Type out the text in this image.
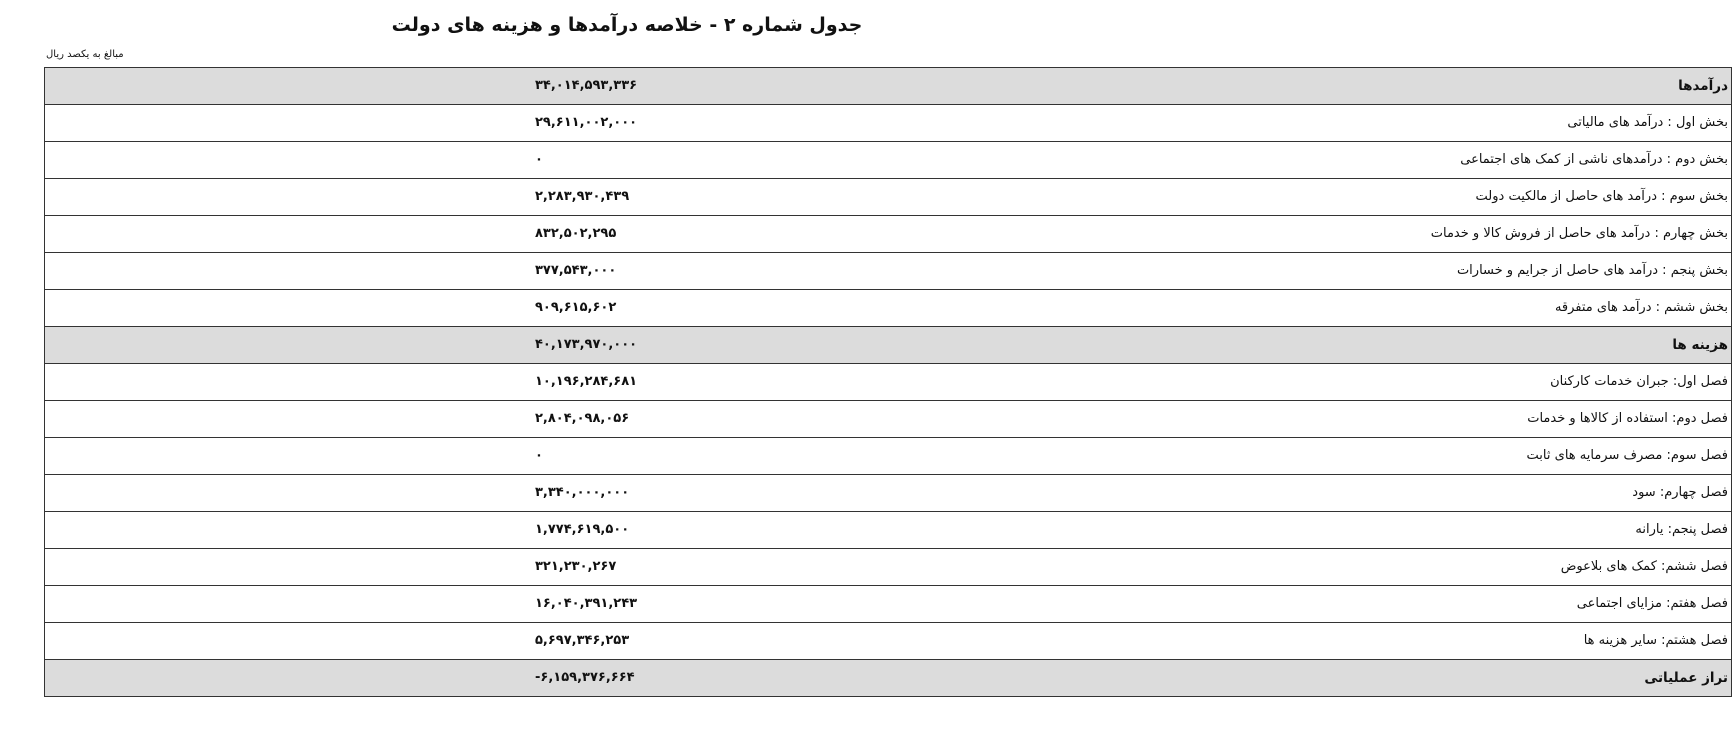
جدول شماره ۲ - خلاصه درآمدها و هزینه های دولت
مبالغ به یکصد ریال
۳۴,۰۱۴,۵۹۳,۳۳۶	درآمدها
۲۹,۶۱۱,۰۰۲,۰۰۰	بخش اول : درآمد های مالیاتی
۰	بخش دوم : درآمدهای ناشی از کمک های اجتماعی
۲,۲۸۳,۹۳۰,۴۳۹	بخش سوم : درآمد های حاصل از مالکیت دولت
۸۳۲,۵۰۲,۲۹۵	بخش چهارم : درآمد های حاصل از فروش کالا و خدمات
۳۷۷,۵۴۳,۰۰۰	بخش پنجم : درآمد های حاصل از جرایم و خسارات
۹۰۹,۶۱۵,۶۰۲	بخش ششم : درآمد های متفرقه
۴۰,۱۷۳,۹۷۰,۰۰۰	هزینه ها
۱۰,۱۹۶,۲۸۴,۶۸۱	فصل اول: جبران خدمات کارکنان
۲,۸۰۴,۰۹۸,۰۵۶	فصل دوم: استفاده از کالاها و خدمات
۰	فصل سوم: مصرف سرمایه های ثابت
۳,۳۴۰,۰۰۰,۰۰۰	فصل چهارم: سود
۱,۷۷۴,۶۱۹,۵۰۰	فصل پنجم: یارانه
۳۲۱,۲۳۰,۲۶۷	فصل ششم: کمک های بلاعوض
۱۶,۰۴۰,۳۹۱,۲۴۳	فصل هفتم: مزایای اجتماعی
۵,۶۹۷,۳۴۶,۲۵۳	فصل هشتم: سایر هزینه ها
-۶,۱۵۹,۳۷۶,۶۶۴	تراز عملیاتی
